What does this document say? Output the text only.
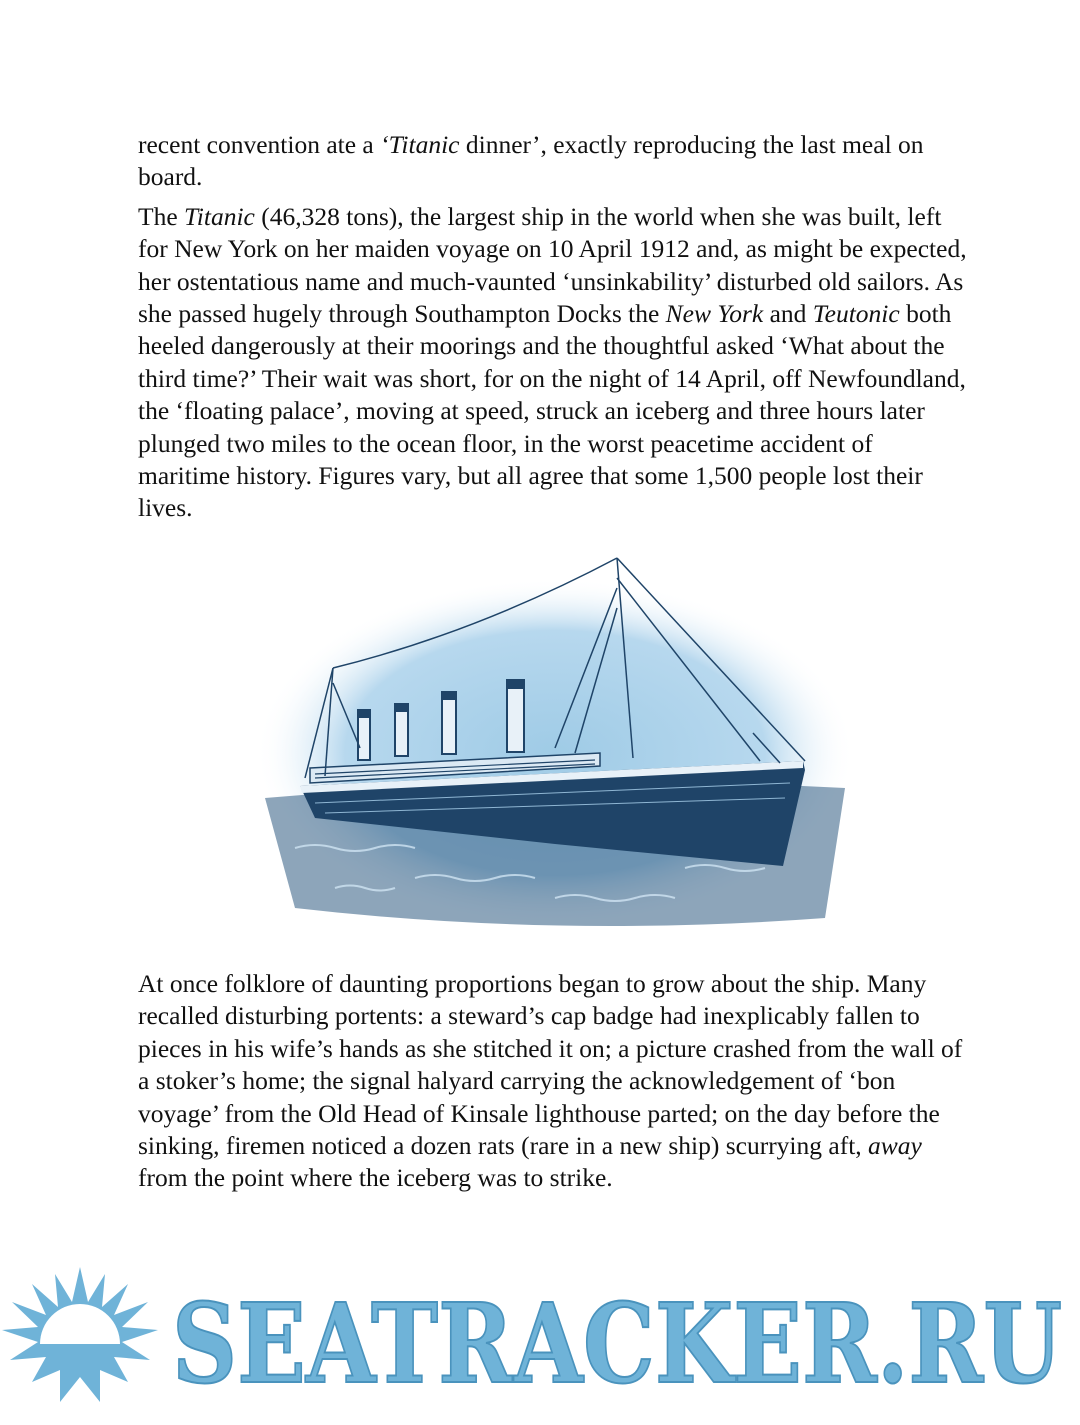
recent convention ate a ‘Titanic dinner’, exactly reproducing the last meal on board.

The Titanic (46,328 tons), the largest ship in the world when she was built, left for New York on her maiden voyage on 10 April 1912 and, as might be expected, her ostentatious name and much-vaunted ‘unsinkability’ disturbed old sailors. As she passed hugely through Southampton Docks the New York and Teutonic both heeled dangerously at their moorings and the thoughtful asked ‘What about the third time?’ Their wait was short, for on the night of 14 April, off Newfoundland, the ‘floating palace’, moving at speed, struck an iceberg and three hours later plunged two miles to the ocean floor, in the worst peacetime accident of maritime history. Figures vary, but all agree that some 1,500 people lost their lives.

At once folklore of daunting proportions began to grow about the ship. Many recalled disturbing portents: a steward’s cap badge had inexplicably fallen to pieces in his wife’s hands as she stitched it on; a picture crashed from the wall of a stoker’s home; the signal halyard carrying the acknowledgement of ‘bon voyage’ from the Old Head of Kinsale lighthouse parted; on the day before the sinking, firemen noticed a dozen rats (rare in a new ship) scurrying aft, away from the point where the iceberg was to strike.

SEATRACKER.RU
